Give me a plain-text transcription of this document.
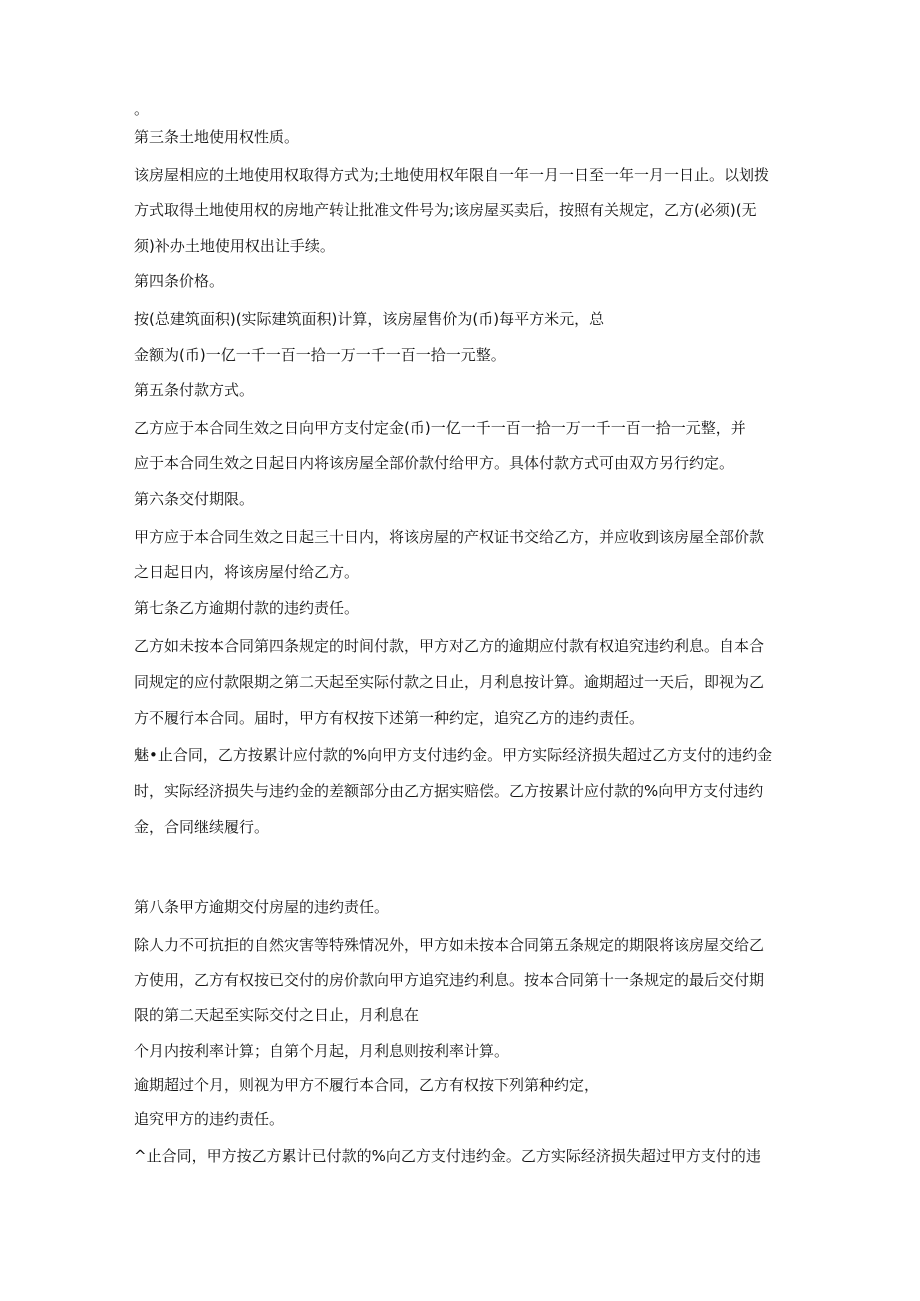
。
第三条土地使用权性质。
该房屋相应的土地使用权取得方式为;土地使用权年限自一年一月一日至一年一月一日止。以划拨
方式取得土地使用权的房地产转让批准文件号为;该房屋买卖后，按照有关规定，乙方(必须)(无
须)补办土地使用权出让手续。
第四条价格。
按(总建筑面积)(实际建筑面积)计算，该房屋售价为(币)每平方米元，总
金额为(币)一亿一千一百一拾一万一千一百一拾一元整。
第五条付款方式。
乙方应于本合同生效之日向甲方支付定金(币)一亿一千一百一拾一万一千一百一拾一元整，并
应于本合同生效之日起日内将该房屋全部价款付给甲方。具体付款方式可由双方另行约定。
第六条交付期限。
甲方应于本合同生效之日起三十日内，将该房屋的产权证书交给乙方，并应收到该房屋全部价款
之日起日内，将该房屋付给乙方。
第七条乙方逾期付款的违约责任。
乙方如未按本合同第四条规定的时间付款，甲方对乙方的逾期应付款有权追究违约利息。自本合
同规定的应付款限期之第二天起至实际付款之日止，月利息按计算。逾期超过一天后，即视为乙
方不履行本合同。届时，甲方有权按下述第一种约定，追究乙方的违约责任。
魅•止合同，乙方按累计应付款的%向甲方支付违约金。甲方实际经济损失超过乙方支付的违约金
时，实际经济损失与违约金的差额部分由乙方据实赔偿。乙方按累计应付款的%向甲方支付违约
金，合同继续履行。
第八条甲方逾期交付房屋的违约责任。
除人力不可抗拒的自然灾害等特殊情况外，甲方如未按本合同第五条规定的期限将该房屋交给乙
方使用，乙方有权按已交付的房价款向甲方追究违约利息。按本合同第十一条规定的最后交付期
限的第二天起至实际交付之日止，月利息在
个月内按利率计算；自第个月起，月利息则按利率计算。
逾期超过个月，则视为甲方不履行本合同，乙方有权按下列第种约定，
追究甲方的违约责任。
^止合同，甲方按乙方累计已付款的%向乙方支付违约金。乙方实际经济损失超过甲方支付的违
